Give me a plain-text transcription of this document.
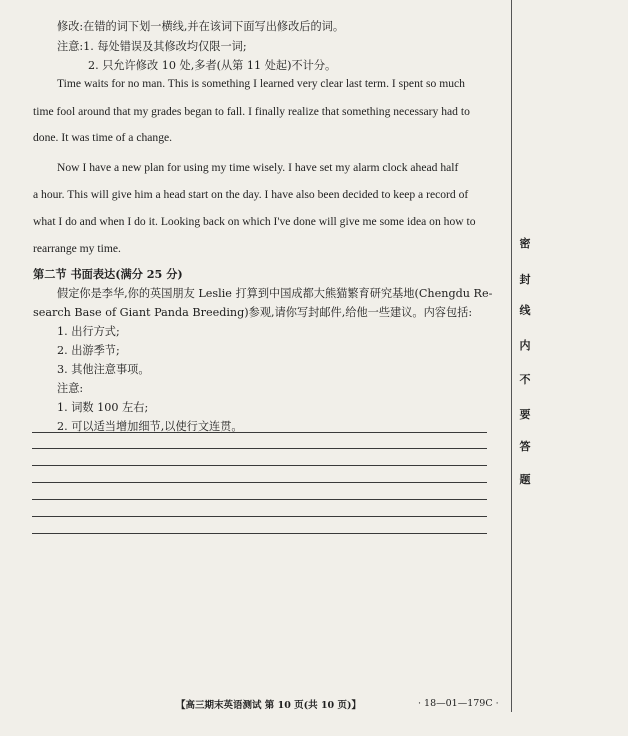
修改:在错的词下划一横线,并在该词下面写出修改后的词。
注意:1. 每处错误及其修改均仅限一词;
2. 只允许修改 10 处,多者(从第 11 处起)不计分。
Time waits for no man. This is something I learned very clear last term. I spent so much
time fool around that my grades began to fall. I finally realize that something necessary had to
done. It was time of a change.
Now I have a new plan for using my time wisely. I have set my alarm clock ahead half
a hour. This will give him a head start on the day. I have also been decided to keep a record of
what I do and when I do it. Looking back on which I've done will give me some idea on how to
rearrange my time.
第二节 书面表达(满分 25 分)
假定你是李华,你的英国朋友 Leslie 打算到中国成都大熊猫繁育研究基地(Chengdu Re-
search Base of Giant Panda Breeding)参观,请你写封邮件,给他一些建议。内容包括:
1. 出行方式;
2. 出游季节;
3. 其他注意事项。
注意:
1. 词数 100 左右;
2. 可以适当增加细节,以使行文连贯。
密
封
线
内
不
要
答
题
【高三期末英语测试 第 10 页(共 10 页)】	· 18—01—179C ·
